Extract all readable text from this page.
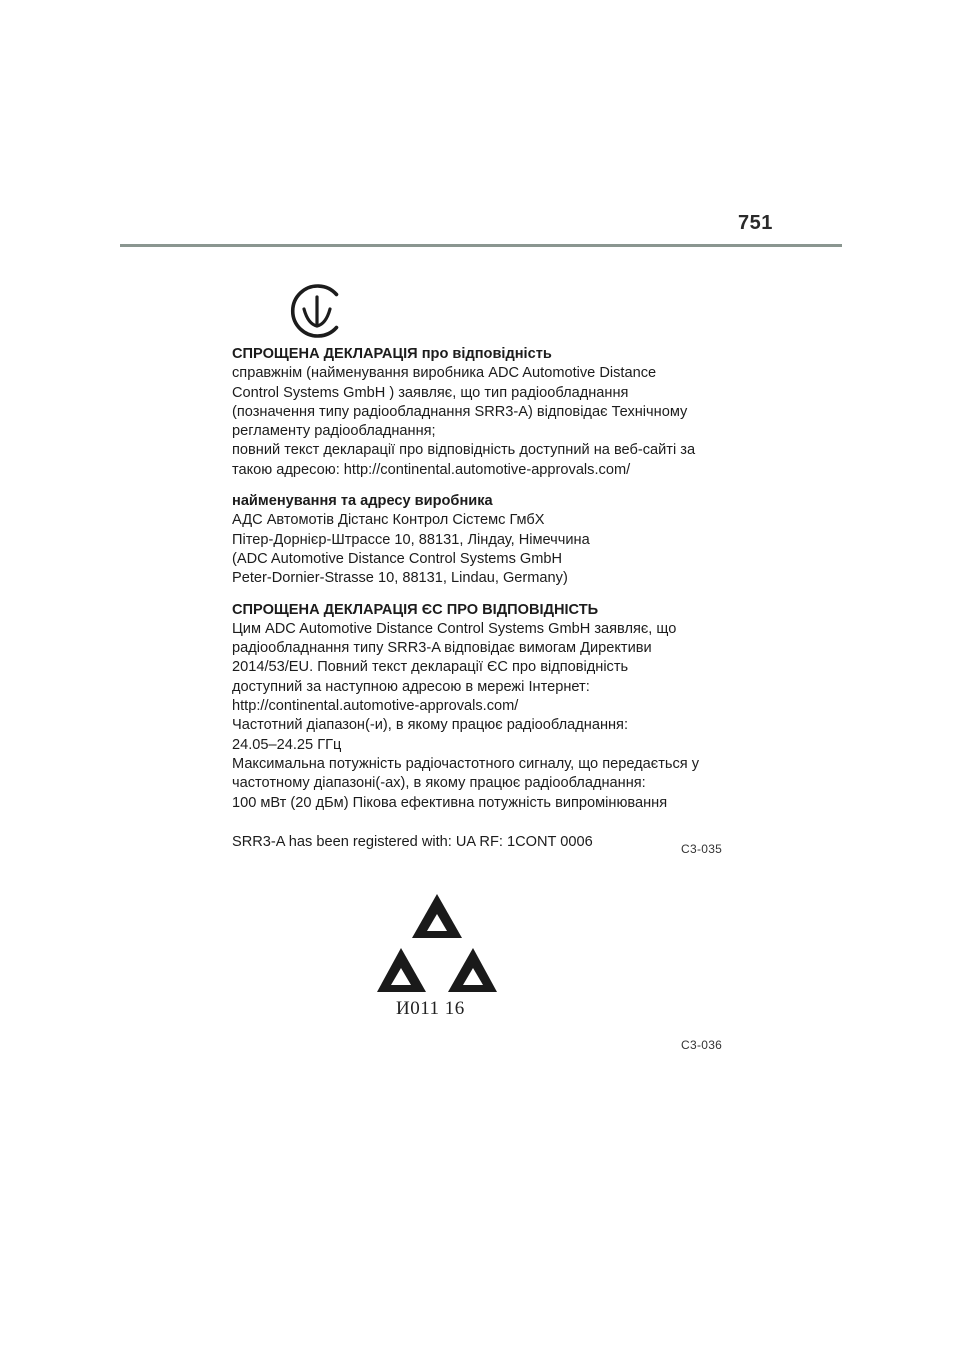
751
СПРОЩЕНА ДЕКЛАРАЦІЯ про відповідність
справжнім (найменування виробника ADC Automotive Distance
Control Systems GmbH ) заявляє, що тип радіообладнання
(позначення типу радіообладнання SRR3-A) відповідає Технічному
регламенту радіообладнання;
повний текст декларації про відповідність доступний на веб-сайті за
такою адресою: http://continental.automotive-approvals.com/
найменування та адресу виробника
АДС Автомотів Дістанс Контрол Сістемс ГмбХ
Пітер-Дорнієр-Штрассе 10, 88131, Ліндау, Німеччина
(ADC Automotive Distance Control Systems GmbH
Peter-Dornier-Strasse 10, 88131, Lindau, Germany)
СПРОЩЕНА ДЕКЛАРАЦІЯ ЄС ПРО ВІДПОВІДНІСТЬ
Цим ADC Automotive Distance Control Systems GmbH заявляє, що
радіообладнання типу SRR3-A відповідає вимогам Директиви
2014/53/EU. Повний текст декларації ЄС про відповідність
доступний за наступною адресою в мережі Інтернет:
http://continental.automotive-approvals.com/
Частотний діапазон(-и), в якому працює радіообладнання:
24.05–24.25 ГГц
Максимальна потужність радіочастотного сигналу, що передається у
частотному діапазоні(-ах), в якому працює радіообладнання:
100 мВт (20 дБм) Пікова ефективна потужність випромінювання
SRR3-A has been registered with: UA RF: 1CONT 0006	C3-035
И011 16
C3-036
